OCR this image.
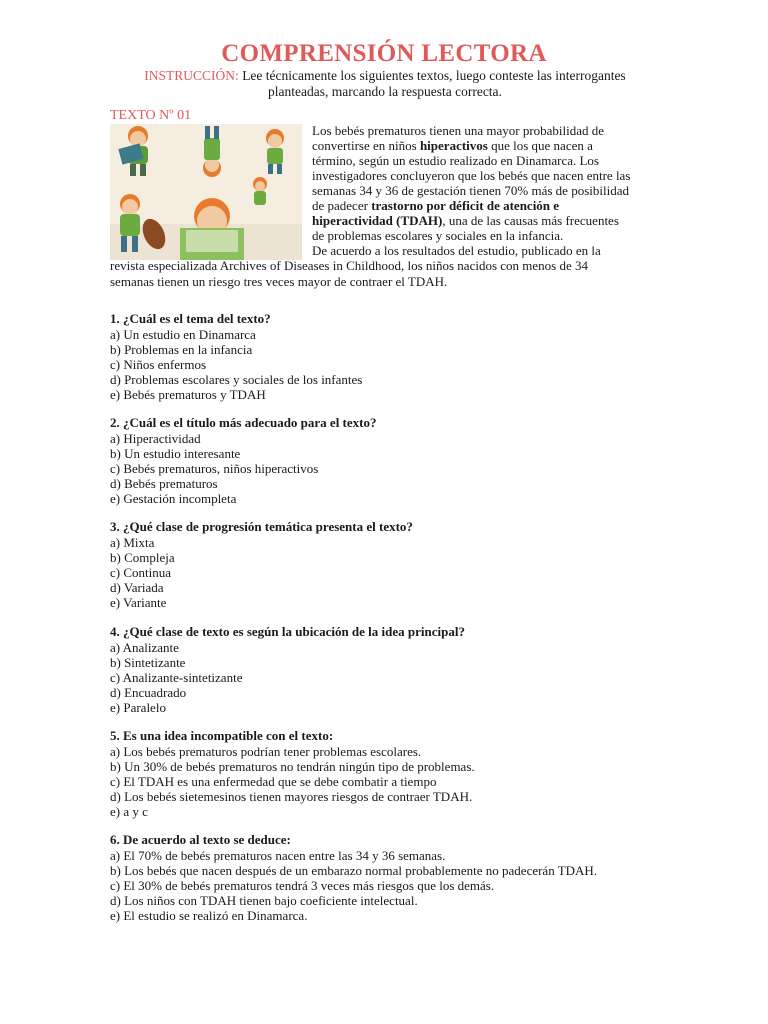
COMPRENSIÓN LECTORA
INSTRUCCIÓN: Lee técnicamente los siguientes textos, luego conteste las interrogantes planteadas, marcando la respuesta correcta.
TEXTO Nº 01
Los bebés prematuros tienen una mayor probabilidad de convertirse en niños hiperactivos que los que nacen a término, según un estudio realizado en Dinamarca. Los investigadores concluyeron que los bebés que nacen entre las semanas 34 y 36 de gestación tienen 70% más de posibilidad de padecer trastorno por déficit de atención e hiperactividad (TDAH), una de las causas más frecuentes de problemas escolares y sociales en la infancia.
De acuerdo a los resultados del estudio, publicado en la
revista especializada Archives of Diseases in Childhood, los niños nacidos con menos de 34 semanas tienen un riesgo tres veces mayor de contraer el TDAH.
1. ¿Cuál es el tema del texto?
a) Un estudio en Dinamarca
b) Problemas en la infancia
c) Niños enfermos
d) Problemas escolares y sociales de los infantes
e) Bebés prematuros y TDAH
2. ¿Cuál es el título más adecuado para el texto?
a) Hiperactividad
b) Un estudio interesante
c) Bebés prematuros, niños hiperactivos
d) Bebés prematuros
e) Gestación incompleta
3. ¿Qué clase de progresión temática presenta el texto?
a) Mixta
b) Compleja
c) Continua
d) Variada
e) Variante
4. ¿Qué clase de texto es según la ubicación de la idea principal?
a) Analizante
b) Sintetizante
c) Analizante-sintetizante
d) Encuadrado
e) Paralelo
5. Es una idea incompatible con el texto:
a) Los bebés prematuros podrían tener problemas escolares.
b) Un 30% de bebés prematuros no tendrán ningún tipo de problemas.
c) El TDAH es una enfermedad que se debe combatir a tiempo
d) Los bebés sietemesinos tienen mayores riesgos de contraer TDAH.
e) a y c
6. De acuerdo al texto se deduce:
a) El 70% de bebés prematuros nacen entre las 34 y 36 semanas.
b) Los bebés que nacen después de un embarazo normal probablemente no padecerán TDAH.
c) El 30% de bebés prematuros tendrá 3 veces más riesgos que los demás.
d) Los niños con TDAH tienen bajo coeficiente intelectual.
e) El estudio se realizó en Dinamarca.
